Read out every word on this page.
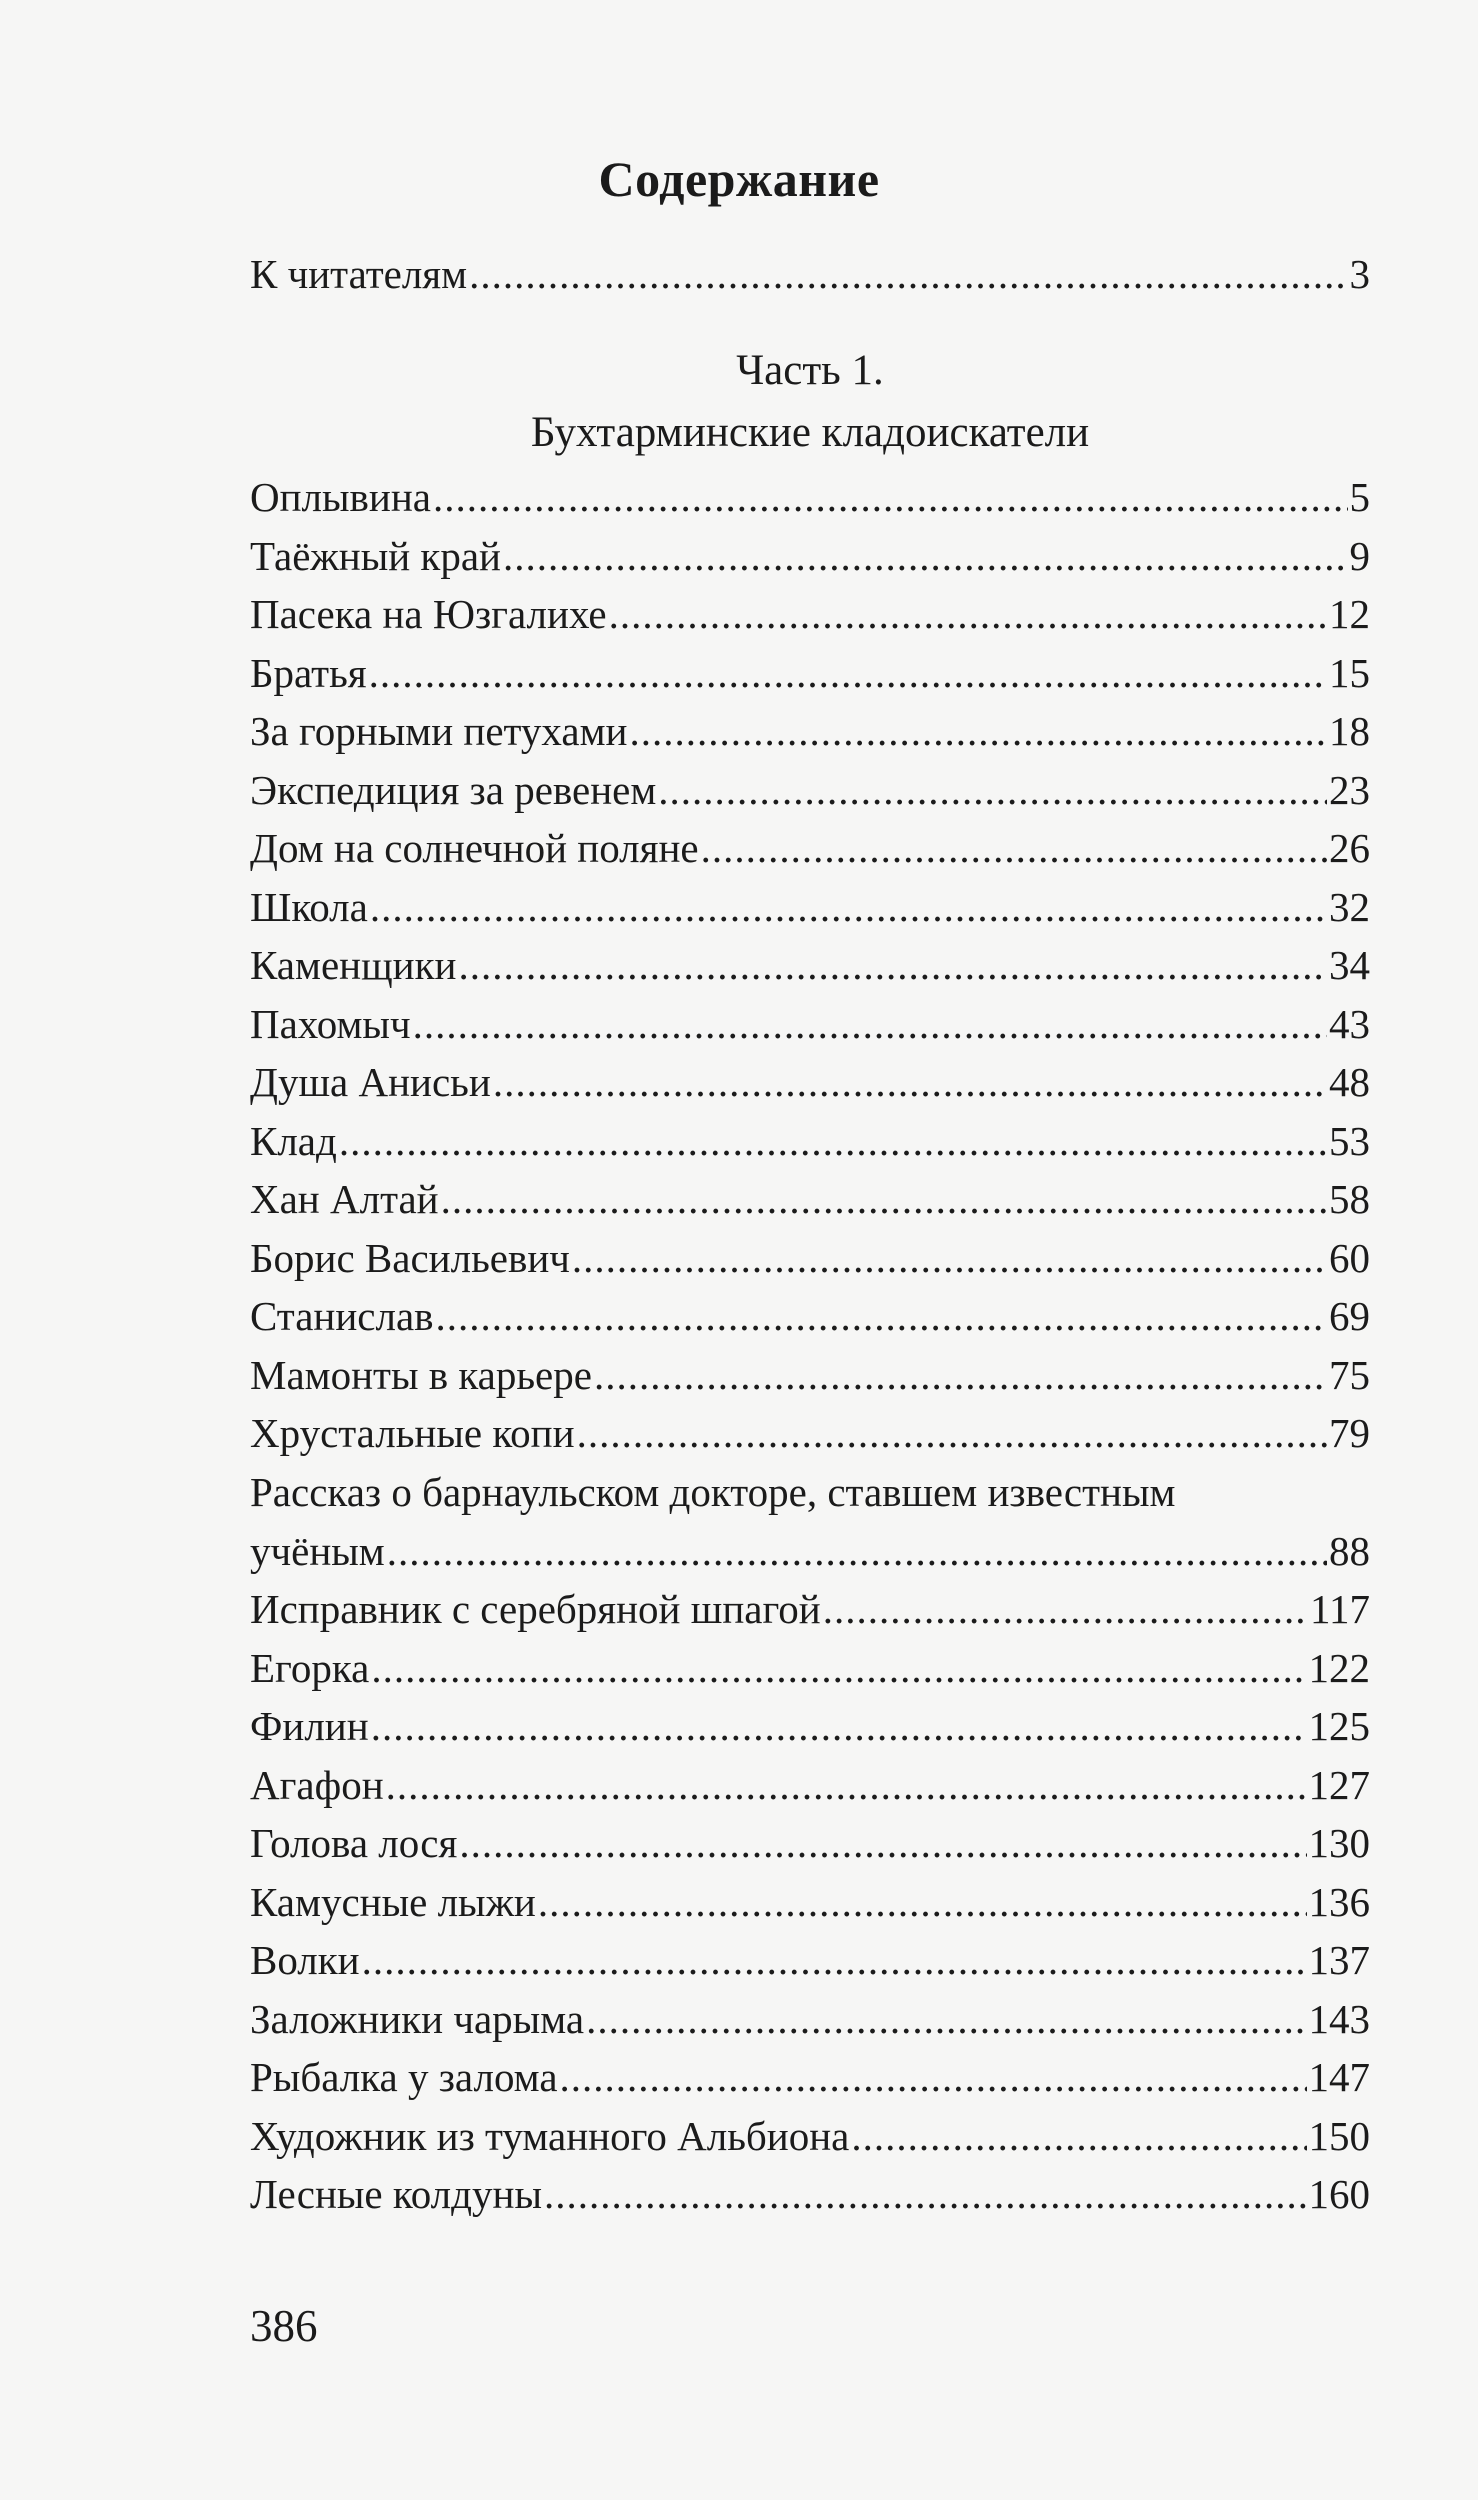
Содержание
К читателям .....	3
Часть 1.
Бухтарминские кладоискатели
Оплывина .....	5
Таёжный край .....	9
Пасека на Юзгалихе .....	12
Братья .....	15
За горными петухами .....	18
Экспедиция за ревенем .....	23
Дом на солнечной поляне .....	26
Школа .....	32
Каменщики .....	34
Пахомыч .....	43
Душа Анисьи .....	48
Клад .....	53
Хан Алтай .....	58
Борис Васильевич .....	60
Станислав .....	69
Мамонты в карьере .....	75
Хрустальные копи .....	79
Рассказ о барнаульском докторе, ставшем известным
учёным .....	88
Исправник с серебряной шпагой .....	117
Егорка .....	122
Филин .....	125
Агафон .....	127
Голова лося .....	130
Камусные лыжи .....	136
Волки .....	137
Заложники чарыма .....	143
Рыбалка у залома .....	147
Художник из туманного Альбиона .....	150
Лесные колдуны .....	160
386
